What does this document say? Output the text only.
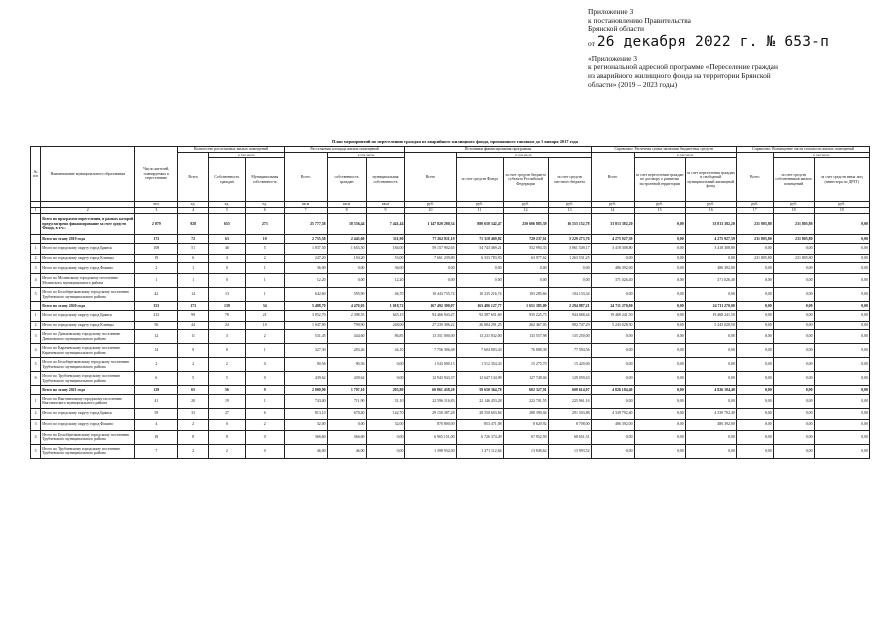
Приложение 3
к постановлению Правительства
Брянской области
от 26 декабря 2022 г. № 653-п
«Приложение 3
к региональной адресной программе «Переселение граждан
из аварийного жилищного фонда на территории Брянской
области» (2019 – 2023 годы)
План мероприятий по переселению граждан из аварийного жилищного фонда, признанного таковым до 1 января 2017 года
№ п/п	Наименование муниципального образования	Число жителей, планируемых к переселению	Количество расселяемых жилых помещений			Расселяемая площадь жилых помещений			Источники финансирования программы				Справочно: Расчетная сумма экономии бюджетных средств			Справочно: Возмещение части стоимости жилых помещений		
			Всего	в том числе		Всего	в том числе		Всего	в том числе			Всего	в том числе		Всего	в том числе	
				Собственность граждан	Муниципальная собственность		собственность граждан	муниципальная собственность		за счет средств Фонда	за счет средств бюджета субъекта Российской Федерации	за счет средств местного бюджета		за счет переселения граждан по договору о развитии застроенной территории	за счет переселения граждан в свободный муниципальный жилищный фонд		за счет средств собственников жилых помещений	за счет средств иных лиц (инвестора по ДРЗТ)
		чел.	ед.	ед.	ед.	кв.м	кв.м	кв.м	руб.	руб.	руб.	руб.	руб.	руб.	руб.	руб.	руб.	руб.
1	2	3	4	5	6	7	8	9	10	11	12	13	14	15	16	17	18	19
	Всего по программе переселения, в рамках которой предусмотрено финансирование за счет средств Фонда, в т.ч.:	2 079	928	655	273	25 777,58	18 336,44	7 441,44	1 147 820 280,34	880 658 342,47	250 606 885,39	16 555 152,78	33 813 382,20	0,00	33 813 382,20	231 805,80	231 805,80	0,00
	Всего по этапу 2019 года	172	72	63	10	2 755,50	2 443,60	311,90	77 262 811,19	71 318 469,82	720 237,61	5 229 273,76	4 275 927,39	0,00	4 275 927,39	231 805,80	231 805,80	0,00
1	Итого по городскому округу город Брянск	108	51	46	5	1 837,50	1 653,50	184,00	59 157 902,65	54 743 469,21	552 994,33	3 861 549,17	3 418 308,80	0,00	3 418 308,80	0,00	0,00	0,00
2	Итого по городскому округу город Клинцы	19	6	4	2	247,20	194,20	53,00	7 661 239,80	6 333 783,93	63 977,62	1 263 531,25	0,00	0,00	0,00	231 805,80	231 805,80	0,00
3	Итого по городскому округу город Фокино	2	1	0	1	36,00	0,00	36,00	0,00	0,00	0,00	0,00	486 392,00	0,00	486 392,00	0,00	0,00	0,00
4	Итого по Мглинскому городскому поселению Мглинского муниципального района	1	1	0	1	12,20	0,00	12,20	0,00	0,00	0,00	0,00	371 026,40	0,00	371 026,40	0,00	0,00	0,00
5	Итого по Белоберезковскому городскому поселению Трубчевского муниципального района	42	14	13	1	642,60	595,90	46,70	10 443 735,74	10 235 216,74	103 285,66	104 133,34	0,00	0,00	0,00	0,00	0,00	0,00
	Всего по этапу 2020 года	353	173	139	34	5 488,70	4 470,03	1 018,72	167 492 390,07	163 486 127,77	1 651 385,09	2 294 887,21	24 711 270,00	0,00	24 711 270,00	0,00	0,00	0,00
1	Итого по городскому округу город Брянск	213	99	78	21	3 052,70	2 398,55	645,15	94 466 943,47	92 587 651,60	935 225,75	944 068,44	19 468 241,50	0,00	19 468 241,50	0,00	0,00	0,00
2	Итого по городскому округу город Клинцы	56	44	24	10	1 047,90	799,90	248,00	27 239 306,22	26 884 291,25	262 467,05	992 747,29	5 243 028,50	0,00	5 243 028,50	0,00	0,00	0,00
3	Итого по Дятьковскому городскому поселению Дятьковского муниципального района	12	11	3	2	531,45	444,60	86,85	13 351 000,00	13 231 832,00	133 557,98	135 250,00	0,00	0,00	0,00	0,00	0,00	0,00
4	Итого по Карачевскому городскому поселению Карачевского муниципального района	14	9	8	1	327,30	283,26	44,10	7 756 396,48	7 604 803,43	76 808,38	77 594,56	0,00	0,00	0,00	0,00	0,00	0,00
5	Итого по Белоберезковскому городскому поселению Трубчевского муниципального района	2	2	2	0	90,56	90,56	0,00	1 543 000,13	1 512 354,43	15 275,70	15 420,00	0,00	0,00	0,00	0,00	0,00	0,00
6	Итого по Трубчевскому городскому поселению Трубчевского муниципального района	6	5	5	0	439,62	439,62	0,00	12 943 943,37	12 647 134,99	127 749,04	129 059,43	0,00	0,00	0,00	0,00	0,00	0,00
	Всего по этапу 2021 года	129	65	56	9	2 000,90	1 797,10	203,80	60 861 438,20	59 650 364,78	602 327,91	608 614,07	4 826 184,40	0,00	4 826 184,40	0,00	0,00	0,00
1	Итого по Выгоничскому городскому поселению Выгоничского муниципального района	41	20	19	1	743,00	711,90	31,10	22 596 116,83	22 146 453,28	223 701,55	225 961,16	0,00	0,00	0,00	0,00	0,00	0,00
2	Итого по городскому округу город Брянск	59	33	27	6	813,10	670,40	142,70	29 150 387,28	28 550 603,84	288 390,04	291 503,88	4 339 792,40	0,00	4 339 792,40	0,00	0,00	0,00
3	Итого по городскому округу город Фокино	4	2	0	2	32,00	0,00	32,00	870 800,00	853 471,08	8 620,92	8 708,00	486 392,00	0,00	486 392,00	0,00	0,00	0,00
4	Итого по Белоберезковскому городскому поселению Трубчевского муниципального района	18	8	8	0	366,60	366,60	0,00	6 965 151,00	6 726 374,49	67 952,59	68 651,51	0,00	0,00	0,00	0,00	0,00	0,00
5	Итого по Трубчевскому городскому поселению Трубчевского муниципального района	7	2	2	0	46,00	46,00	0,00	1 398 932,00	1 371 112,84	13 849,62	13 993,52	0,00	0,00	0,00	0,00	0,00	0,00
